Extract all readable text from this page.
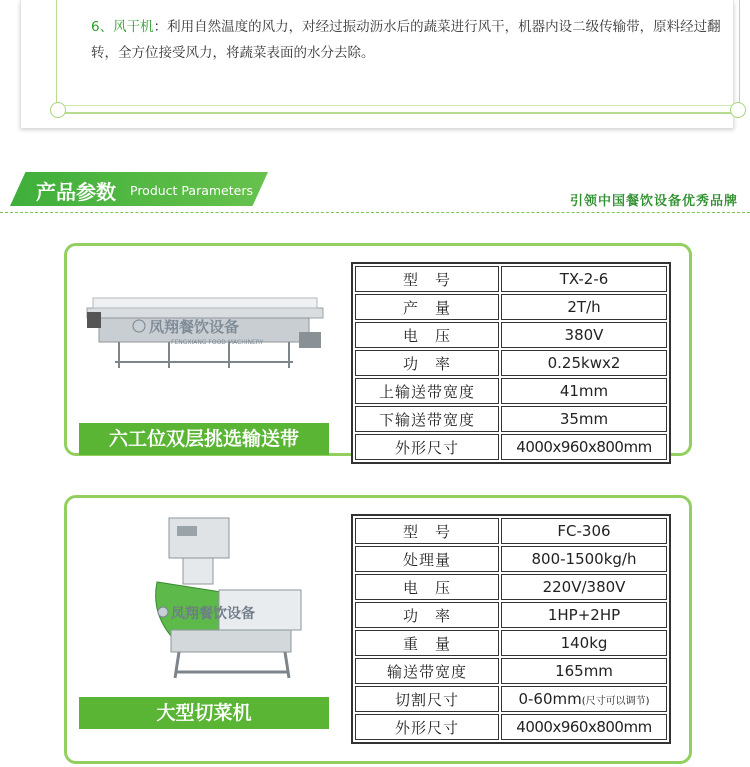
6、风干机：利用自然温度的风力，对经过振动沥水后的蔬菜进行风干，机器内设二级传输带，原料经过翻转，全方位接受风力，将蔬菜表面的水分去除。
产品参数 Product Parameters
引领中国餐饮设备优秀品牌
凤翔餐饮设备
FENGXIANG FOOD MACHINERY
六工位双层挑选输送带
型　号	TX-2-6
产　量	2T/h
电　压	380V
功　率	0.25kwx2
上输送带宽度	41mm
下输送带宽度	35mm
外形尺寸	4000x960x800mm
凤翔餐饮设备
大型切菜机
型　号	FC-306
处理量	800-1500kg/h
电　压	220V/380V
功　率	1HP+2HP
重　量	140kg
输送带宽度	165mm
切割尺寸	0-60mm(尺寸可以调节)
外形尺寸	4000x960x800mm
